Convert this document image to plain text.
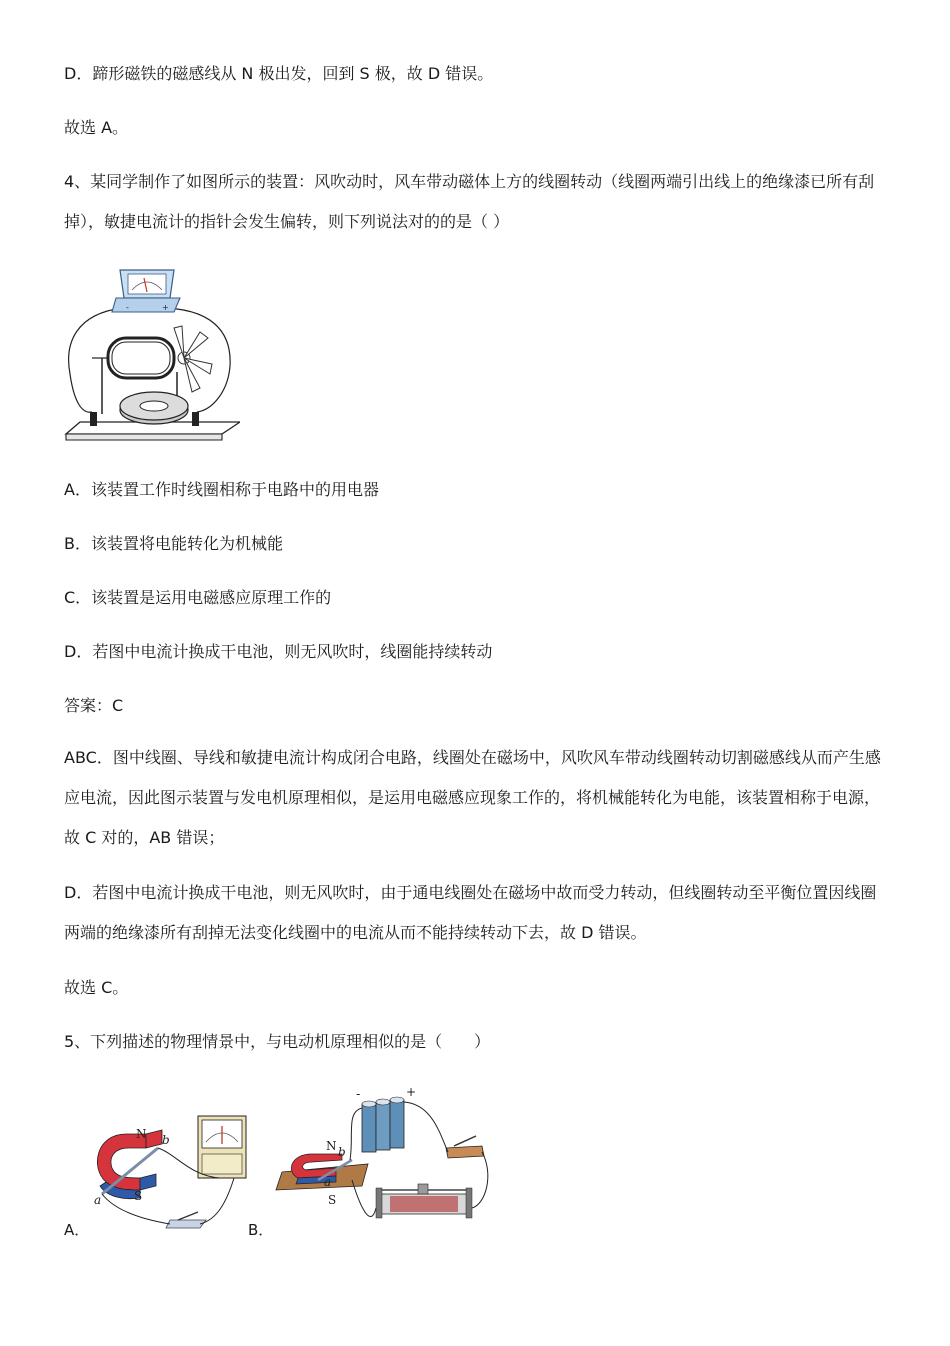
D．蹄形磁铁的磁感线从 N 极出发，回到 S 极，故 D 错误。
故选 A。
4、某同学制作了如图所示的装置：风吹动时，风车带动磁体上方的线圈转动（线圈两端引出线上的绝缘漆已所有刮掉），敏捷电流计的指针会发生偏转，则下列说法对的的是（ ）
-	+
A．该装置工作时线圈相称于电路中的用电器
B．该装置将电能转化为机械能
C．该装置是运用电磁感应原理工作的
D．若图中电流计换成干电池，则无风吹时，线圈能持续转动
答案：C
ABC．图中线圈、导线和敏捷电流计构成闭合电路，线圈处在磁场中，风吹风车带动线圈转动切割磁感线从而产生感应电流，因此图示装置与发电机原理相似，是运用电磁感应现象工作的，将机械能转化为电能，该装置相称于电源，故 C 对的，AB 错误；
D．若图中电流计换成干电池，则无风吹时，由于通电线圈处在磁场中故而受力转动，但线圈转动至平衡位置因线圈两端的绝缘漆所有刮掉无法变化线圈中的电流从而不能持续转动下去，故 D 错误。
故选 C。
5、下列描述的物理情景中，与电动机原理相似的是（　　）
N
S
a
b
A．
N
S
a
b
-	+
B．
